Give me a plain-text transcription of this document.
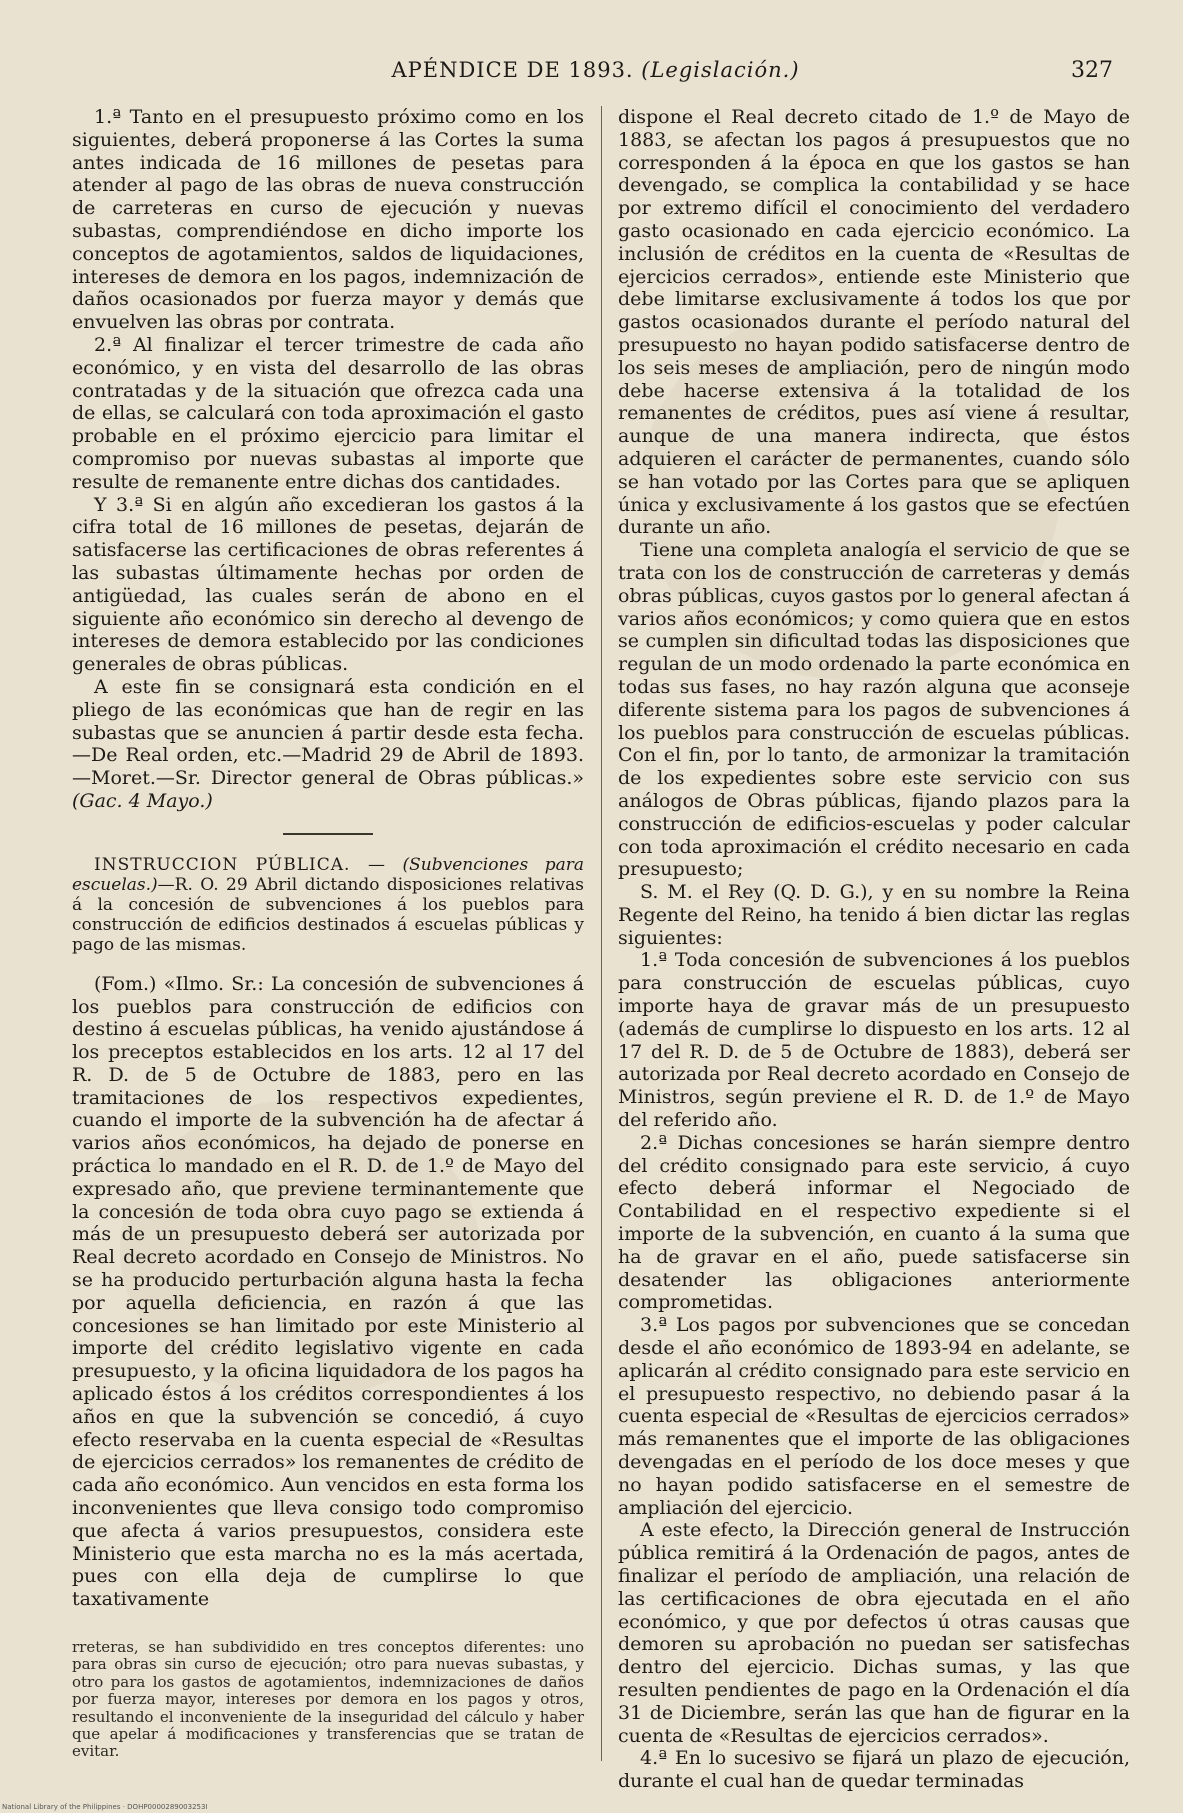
APÉNDICE DE 1893. (Legislación.)	327

1.ª Tanto en el presupuesto próximo como en los siguientes, deberá proponerse á las Cortes la suma antes indicada de 16 millones de pesetas para atender al pago de las obras de nueva construcción de carreteras en curso de ejecución y nuevas subastas, comprendiéndose en dicho importe los conceptos de agotamientos, saldos de liquidaciones, intereses de demora en los pagos, indemnización de daños ocasionados por fuerza mayor y demás que envuelven las obras por contrata.

2.ª Al finalizar el tercer trimestre de cada año económico, y en vista del desarrollo de las obras contratadas y de la situación que ofrezca cada una de ellas, se calculará con toda aproximación el gasto probable en el próximo ejercicio para limitar el compromiso por nuevas subastas al importe que resulte de remanente entre dichas dos cantidades.

Y 3.ª Si en algún año excedieran los gastos á la cifra total de 16 millones de pesetas, dejarán de satisfacerse las certificaciones de obras referentes á las subastas últimamente hechas por orden de antigüedad, las cuales serán de abono en el siguiente año económico sin derecho al devengo de intereses de demora establecido por las condiciones generales de obras públicas.

A este fin se consignará esta condición en el pliego de las económicas que han de regir en las subastas que se anuncien á partir desde esta fecha.—De Real orden, etc.—Madrid 29 de Abril de 1893.—Moret.—Sr. Director general de Obras públicas.» (Gac. 4 Mayo.)

INSTRUCCION PÚBLICA. — (Subvenciones para escuelas.)—R. O. 29 Abril dictando disposiciones relativas á la concesión de subvenciones á los pueblos para construcción de edificios destinados á escuelas públicas y pago de las mismas.

(Fom.) «Ilmo. Sr.: La concesión de subvenciones á los pueblos para construcción de edificios con destino á escuelas públicas, ha venido ajustándose á los preceptos establecidos en los arts. 12 al 17 del R. D. de 5 de Octubre de 1883, pero en las tramitaciones de los respectivos expedientes, cuando el importe de la subvención ha de afectar á varios años económicos, ha dejado de ponerse en práctica lo mandado en el R. D. de 1.º de Mayo del expresado año, que previene terminantemente que la concesión de toda obra cuyo pago se extienda á más de un presupuesto deberá ser autorizada por Real decreto acordado en Consejo de Ministros. No se ha producido perturbación alguna hasta la fecha por aquella deficiencia, en razón á que las concesiones se han limitado por este Ministerio al importe del crédito legislativo vigente en cada presupuesto, y la oficina liquidadora de los pagos ha aplicado éstos á los créditos correspondientes á los años en que la subvención se concedió, á cuyo efecto reservaba en la cuenta especial de «Resultas de ejercicios cerrados» los remanentes de crédito de cada año económico. Aun vencidos en esta forma los inconvenientes que lleva consigo todo compromiso que afecta á varios presupuestos, considera este Ministerio que esta marcha no es la más acertada, pues con ella deja de cumplirse lo que taxativamente

rreteras, se han subdividido en tres conceptos diferentes: uno para obras sin curso de ejecución; otro para nuevas subastas, y otro para los gastos de agotamientos, indemnizaciones de daños por fuerza mayor, intereses por demora en los pagos y otros, resultando el inconveniente de la inseguridad del cálculo y haber que apelar á modificaciones y transferencias que se tratan de evitar.

dispone el Real decreto citado de 1.º de Mayo de 1883, se afectan los pagos á presupuestos que no corresponden á la época en que los gastos se han devengado, se complica la contabilidad y se hace por extremo difícil el conocimiento del verdadero gasto ocasionado en cada ejercicio económico. La inclusión de créditos en la cuenta de «Resultas de ejercicios cerrados», entiende este Ministerio que debe limitarse exclusivamente á todos los que por gastos ocasionados durante el período natural del presupuesto no hayan podido satisfacerse dentro de los seis meses de ampliación, pero de ningún modo debe hacerse extensiva á la totalidad de los remanentes de créditos, pues así viene á resultar, aunque de una manera indirecta, que éstos adquieren el carácter de permanentes, cuando sólo se han votado por las Cortes para que se apliquen única y exclusivamente á los gastos que se efectúen durante un año.

Tiene una completa analogía el servicio de que se trata con los de construcción de carreteras y demás obras públicas, cuyos gastos por lo general afectan á varios años económicos; y como quiera que en estos se cumplen sin dificultad todas las disposiciones que regulan de un modo ordenado la parte económica en todas sus fases, no hay razón alguna que aconseje diferente sistema para los pagos de subvenciones á los pueblos para construcción de escuelas públicas. Con el fin, por lo tanto, de armonizar la tramitación de los expedientes sobre este servicio con sus análogos de Obras públicas, fijando plazos para la construcción de edificios-escuelas y poder calcular con toda aproximación el crédito necesario en cada presupuesto;

S. M. el Rey (Q. D. G.), y en su nombre la Reina Regente del Reino, ha tenido á bien dictar las reglas siguientes:

1.ª Toda concesión de subvenciones á los pueblos para construcción de escuelas públicas, cuyo importe haya de gravar más de un presupuesto (además de cumplirse lo dispuesto en los arts. 12 al 17 del R. D. de 5 de Octubre de 1883), deberá ser autorizada por Real decreto acordado en Consejo de Ministros, según previene el R. D. de 1.º de Mayo del referido año.

2.ª Dichas concesiones se harán siempre dentro del crédito consignado para este servicio, á cuyo efecto deberá informar el Negociado de Contabilidad en el respectivo expediente si el importe de la subvención, en cuanto á la suma que ha de gravar en el año, puede satisfacerse sin desatender las obligaciones anteriormente comprometidas.

3.ª Los pagos por subvenciones que se concedan desde el año económico de 1893-94 en adelante, se aplicarán al crédito consignado para este servicio en el presupuesto respectivo, no debiendo pasar á la cuenta especial de «Resultas de ejercicios cerrados» más remanentes que el importe de las obligaciones devengadas en el período de los doce meses y que no hayan podido satisfacerse en el semestre de ampliación del ejercicio.

A este efecto, la Dirección general de Instrucción pública remitirá á la Ordenación de pagos, antes de finalizar el período de ampliación, una relación de las certificaciones de obra ejecutada en el año económico, y que por defectos ú otras causas que demoren su aprobación no puedan ser satisfechas dentro del ejercicio. Dichas sumas, y las que resulten pendientes de pago en la Ordenación el día 31 de Diciembre, serán las que han de figurar en la cuenta de «Resultas de ejercicios cerrados».

4.ª En lo sucesivo se fijará un plazo de ejecución, durante el cual han de quedar terminadas

National Library of the Philippines · DOHP0000289003253I
